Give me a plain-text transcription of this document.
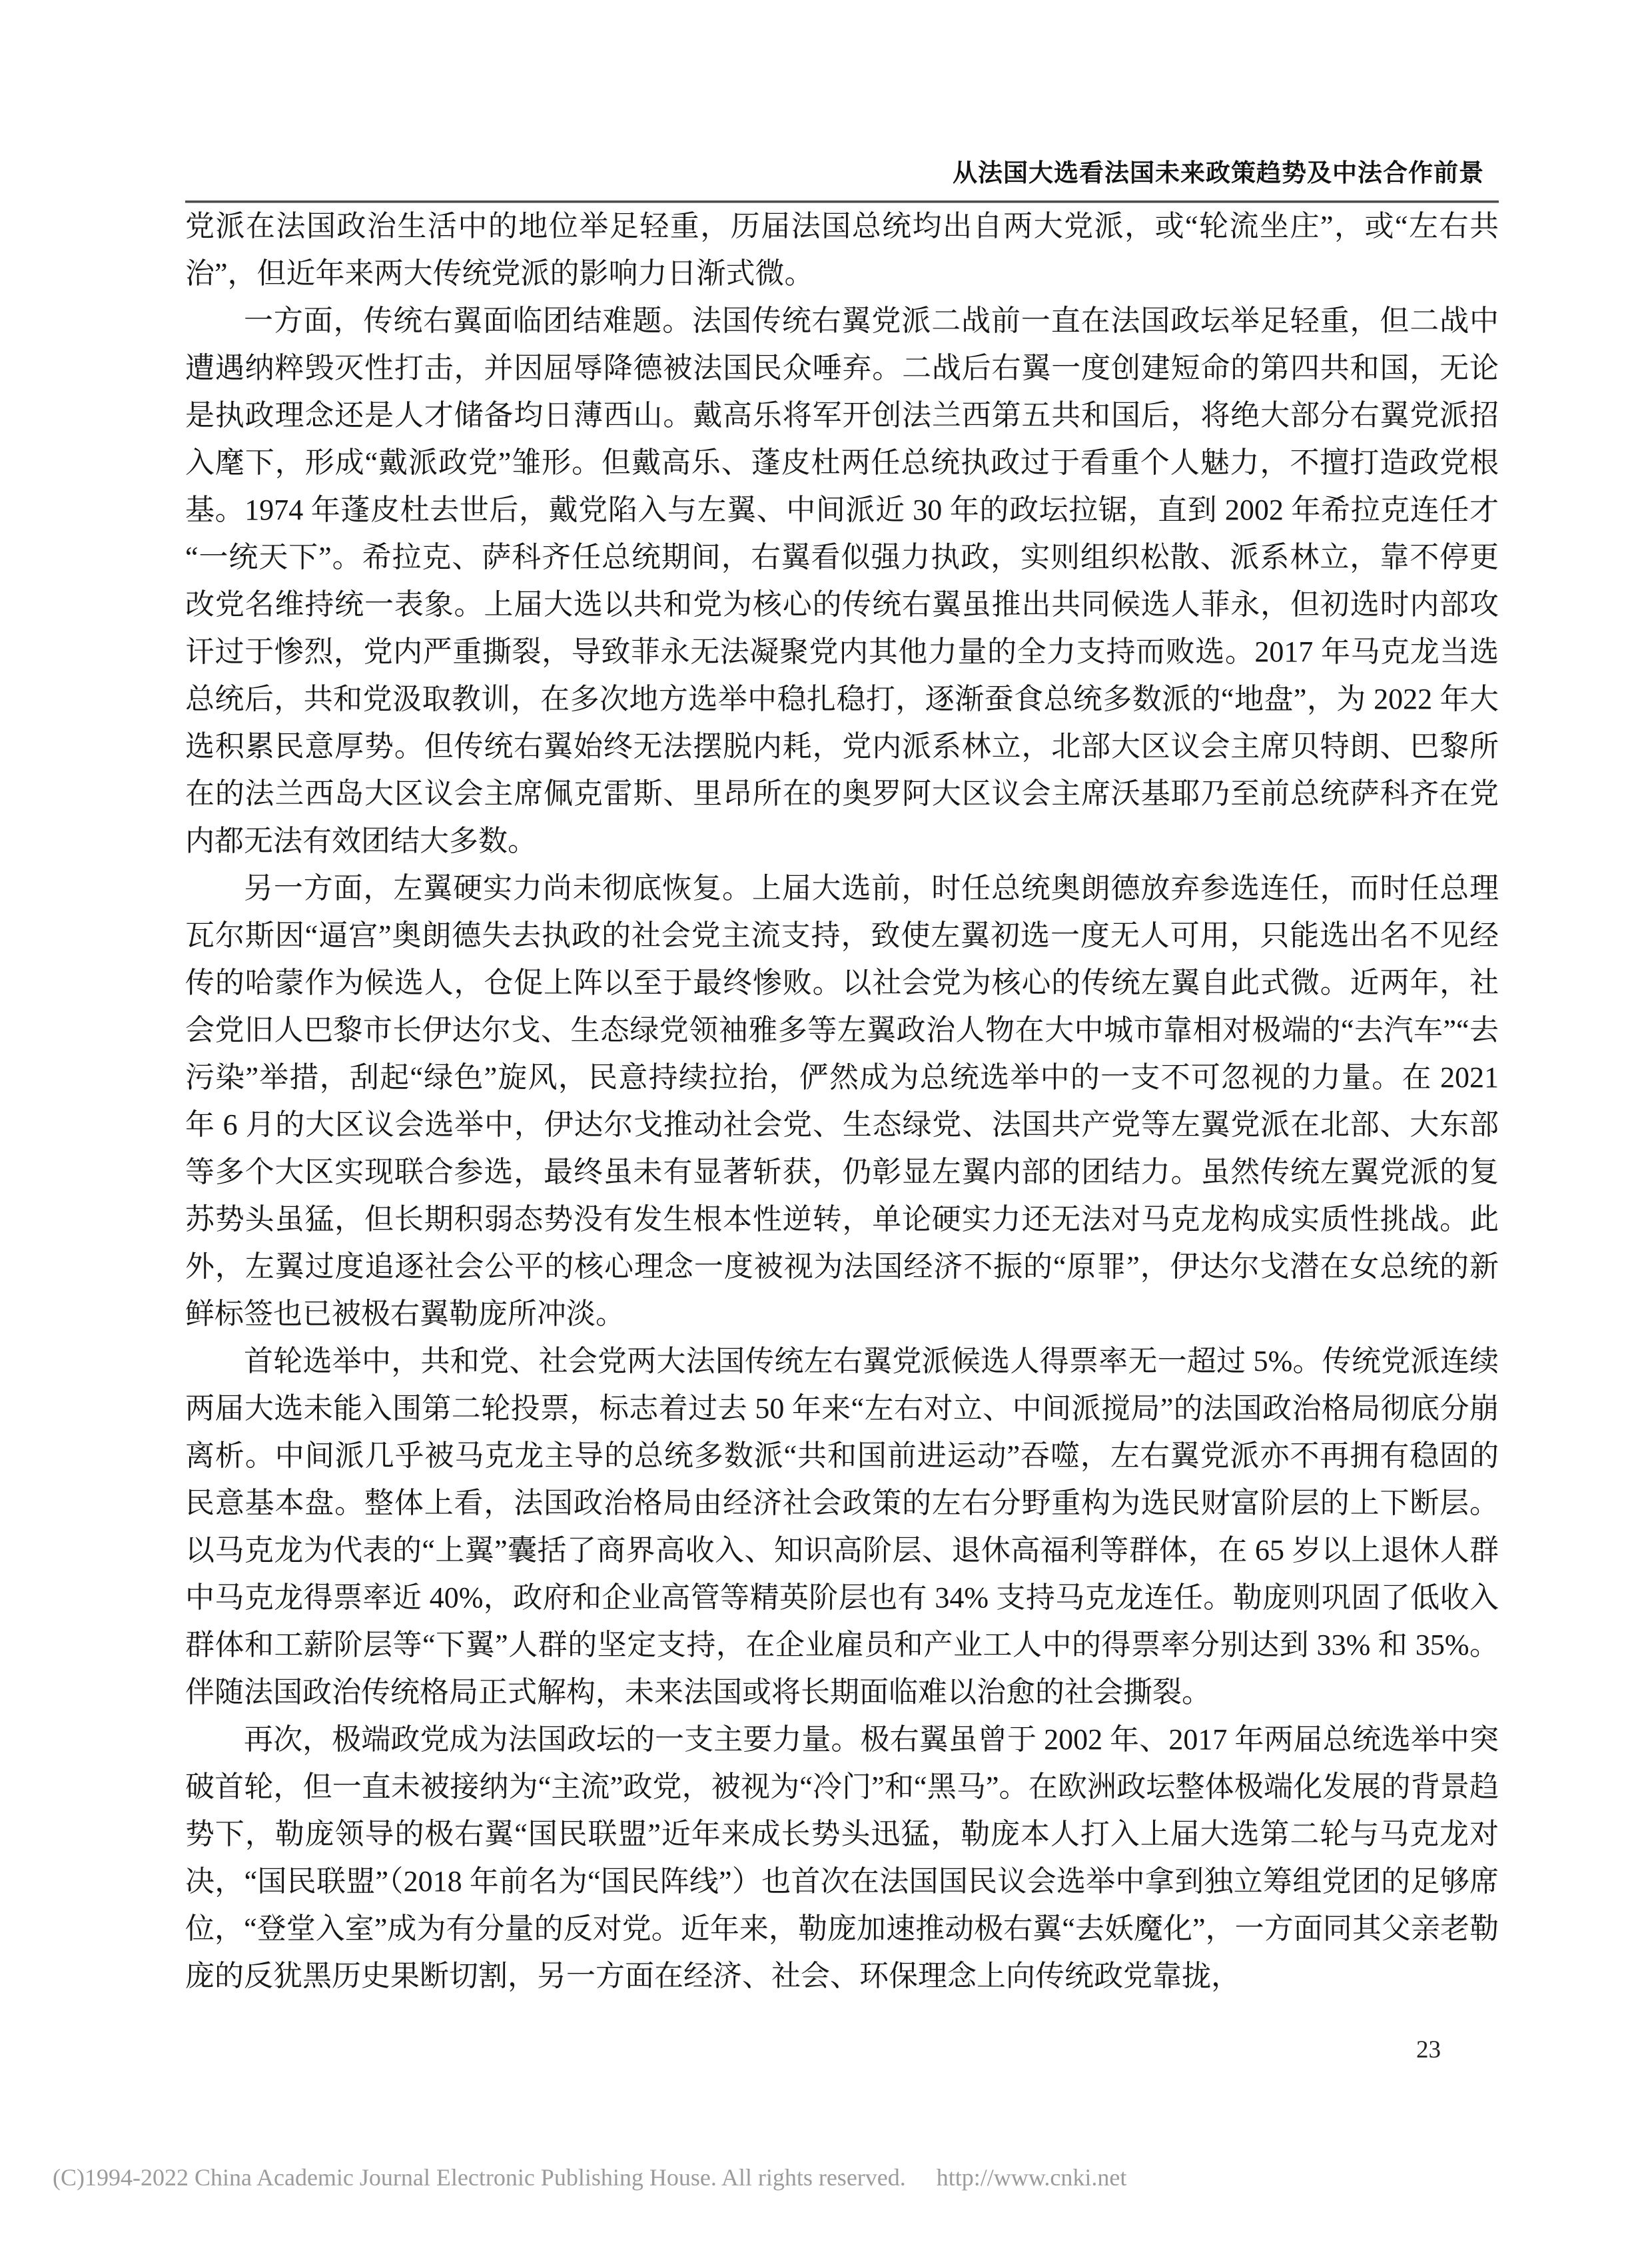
从法国大选看法国未来政策趋势及中法合作前景

党派在法国政治生活中的地位举足轻重，历届法国总统均出自两大党派，或“轮流坐庄”，或“左右共治”，但近年来两大传统党派的影响力日渐式微。

一方面，传统右翼面临团结难题。法国传统右翼党派二战前一直在法国政坛举足轻重，但二战中遭遇纳粹毁灭性打击，并因屈辱降德被法国民众唾弃。二战后右翼一度创建短命的第四共和国，无论是执政理念还是人才储备均日薄西山。戴高乐将军开创法兰西第五共和国后，将绝大部分右翼党派招入麾下，形成“戴派政党”雏形。但戴高乐、蓬皮杜两任总统执政过于看重个人魅力，不擅打造政党根基。1974 年蓬皮杜去世后，戴党陷入与左翼、中间派近 30 年的政坛拉锯，直到 2002 年希拉克连任才“一统天下”。希拉克、萨科齐任总统期间，右翼看似强力执政，实则组织松散、派系林立，靠不停更改党名维持统一表象。上届大选以共和党为核心的传统右翼虽推出共同候选人菲永，但初选时内部攻讦过于惨烈，党内严重撕裂，导致菲永无法凝聚党内其他力量的全力支持而败选。2017 年马克龙当选总统后，共和党汲取教训，在多次地方选举中稳扎稳打，逐渐蚕食总统多数派的“地盘”，为 2022 年大选积累民意厚势。但传统右翼始终无法摆脱内耗，党内派系林立，北部大区议会主席贝特朗、巴黎所在的法兰西岛大区议会主席佩克雷斯、里昂所在的奥罗阿大区议会主席沃基耶乃至前总统萨科齐在党内都无法有效团结大多数。

另一方面，左翼硬实力尚未彻底恢复。上届大选前，时任总统奥朗德放弃参选连任，而时任总理瓦尔斯因“逼宫”奥朗德失去执政的社会党主流支持，致使左翼初选一度无人可用，只能选出名不见经传的哈蒙作为候选人，仓促上阵以至于最终惨败。以社会党为核心的传统左翼自此式微。近两年，社会党旧人巴黎市长伊达尔戈、生态绿党领袖雅多等左翼政治人物在大中城市靠相对极端的“去汽车”“去污染”举措，刮起“绿色”旋风，民意持续拉抬，俨然成为总统选举中的一支不可忽视的力量。在 2021 年 6 月的大区议会选举中，伊达尔戈推动社会党、生态绿党、法国共产党等左翼党派在北部、大东部等多个大区实现联合参选，最终虽未有显著斩获，仍彰显左翼内部的团结力。虽然传统左翼党派的复苏势头虽猛，但长期积弱态势没有发生根本性逆转，单论硬实力还无法对马克龙构成实质性挑战。此外，左翼过度追逐社会公平的核心理念一度被视为法国经济不振的“原罪”，伊达尔戈潜在女总统的新鲜标签也已被极右翼勒庞所冲淡。

首轮选举中，共和党、社会党两大法国传统左右翼党派候选人得票率无一超过 5%。传统党派连续两届大选未能入围第二轮投票，标志着过去 50 年来“左右对立、中间派搅局”的法国政治格局彻底分崩离析。中间派几乎被马克龙主导的总统多数派“共和国前进运动”吞噬，左右翼党派亦不再拥有稳固的民意基本盘。整体上看，法国政治格局由经济社会政策的左右分野重构为选民财富阶层的上下断层。以马克龙为代表的“上翼”囊括了商界高收入、知识高阶层、退休高福利等群体，在 65 岁以上退休人群中马克龙得票率近 40%，政府和企业高管等精英阶层也有 34% 支持马克龙连任。勒庞则巩固了低收入群体和工薪阶层等“下翼”人群的坚定支持，在企业雇员和产业工人中的得票率分别达到 33% 和 35%。伴随法国政治传统格局正式解构，未来法国或将长期面临难以治愈的社会撕裂。

再次，极端政党成为法国政坛的一支主要力量。极右翼虽曾于 2002 年、2017 年两届总统选举中突破首轮，但一直未被接纳为“主流”政党，被视为“冷门”和“黑马”。在欧洲政坛整体极端化发展的背景趋势下，勒庞领导的极右翼“国民联盟”近年来成长势头迅猛，勒庞本人打入上届大选第二轮与马克龙对决，“国民联盟”（2018 年前名为“国民阵线”）也首次在法国国民议会选举中拿到独立筹组党团的足够席位，“登堂入室”成为有分量的反对党。近年来，勒庞加速推动极右翼“去妖魔化”，一方面同其父亲老勒庞的反犹黑历史果断切割，另一方面在经济、社会、环保理念上向传统政党靠拢，

23
(C)1994-2022 China Academic Journal Electronic Publishing House. All rights reserved. http://www.cnki.net
